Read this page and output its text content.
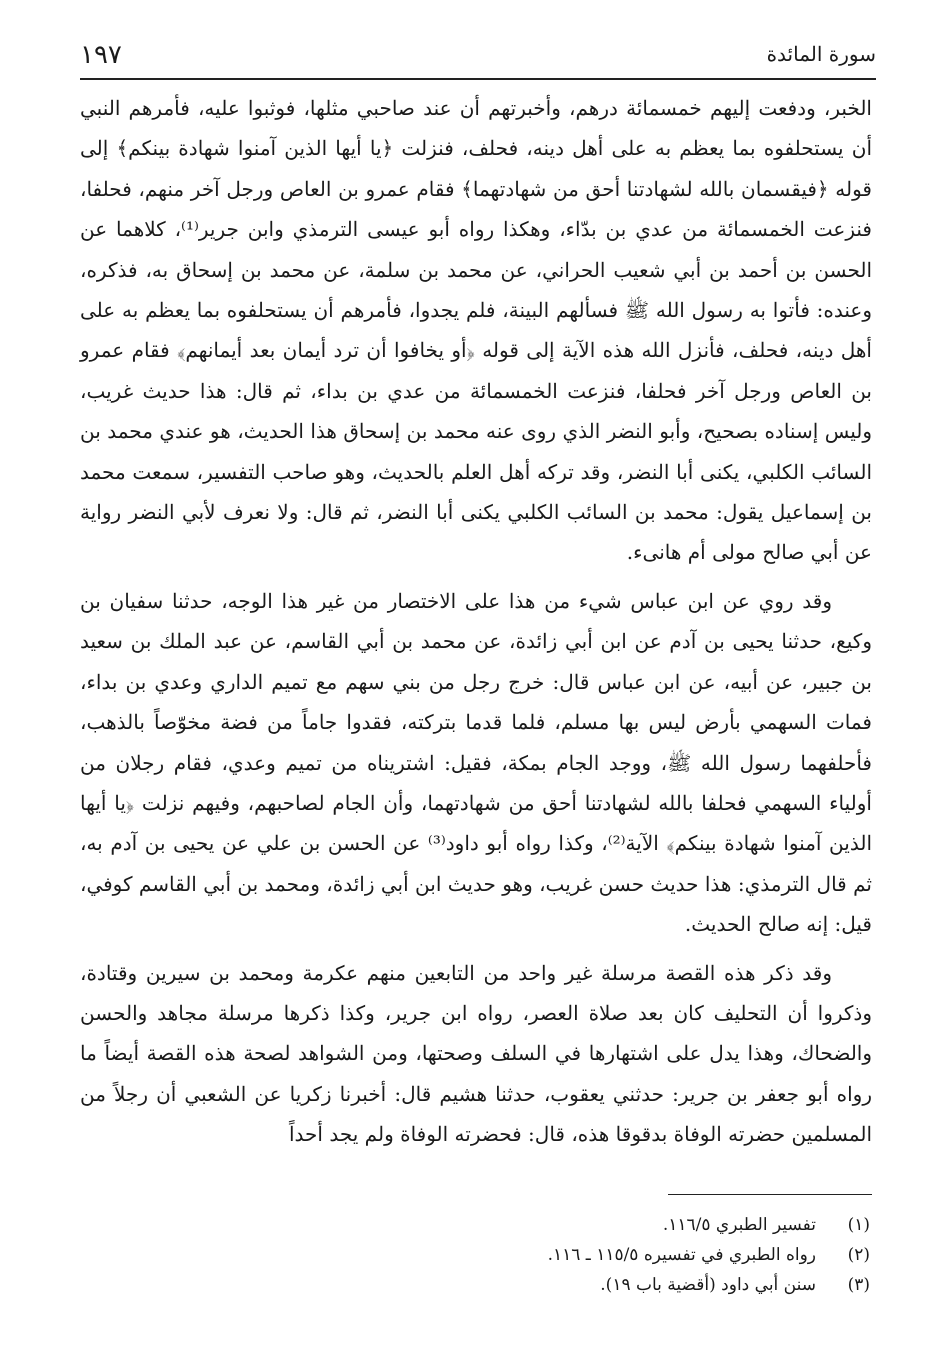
سورة المائدة
١٩٧

الخبر، ودفعت إليهم خمسمائة درهم، وأخبرتهم أن عند صاحبي مثلها، فوثبوا عليه، فأمرهم النبي أن يستحلفوه بما يعظم به على أهل دينه، فحلف، فنزلت ﴿يا أيها الذين آمنوا شهادة بينكم﴾ إلى قوله ﴿فيقسمان بالله لشهادتنا أحق من شهادتهما﴾ فقام عمرو بن العاص ورجل آخر منهم، فحلفا، فنزعت الخمسمائة من عدي بن بدّاء، وهكذا رواه أبو عيسى الترمذي وابن جرير⁽¹⁾، كلاهما عن الحسن بن أحمد بن أبي شعيب الحراني، عن محمد بن سلمة، عن محمد بن إسحاق به، فذكره، وعنده: فأتوا به رسول الله ﷺ فسألهم البينة، فلم يجدوا، فأمرهم أن يستحلفوه بما يعظم به على أهل دينه، فحلف، فأنزل الله هذه الآية إلى قوله ﴿أو يخافوا أن ترد أيمان بعد أيمانهم﴾ فقام عمرو بن العاص ورجل آخر فحلفا، فنزعت الخمسمائة من عدي بن بداء، ثم قال: هذا حديث غريب، وليس إسناده بصحيح، وأبو النضر الذي روى عنه محمد بن إسحاق هذا الحديث، هو عندي محمد بن السائب الكلبي، يكنى أبا النضر، وقد تركه أهل العلم بالحديث، وهو صاحب التفسير، سمعت محمد بن إسماعيل يقول: محمد بن السائب الكلبي يكنى أبا النضر، ثم قال: ولا نعرف لأبي النضر رواية عن أبي صالح مولى أم هانىء.

وقد روي عن ابن عباس شيء من هذا على الاختصار من غير هذا الوجه، حدثنا سفيان بن وكيع، حدثنا يحيى بن آدم عن ابن أبي زائدة، عن محمد بن أبي القاسم، عن عبد الملك بن سعيد بن جبير، عن أبيه، عن ابن عباس قال: خرج رجل من بني سهم مع تميم الداري وعدي بن بداء، فمات السهمي بأرض ليس بها مسلم، فلما قدما بتركته، فقدوا جاماً من فضة مخوّصاً بالذهب، فأحلفهما رسول الله ﷺ، ووجد الجام بمكة، فقيل: اشتريناه من تميم وعدي، فقام رجلان من أولياء السهمي فحلفا بالله لشهادتنا أحق من شهادتهما، وأن الجام لصاحبهم، وفيهم نزلت ﴿يا أيها الذين آمنوا شهادة بينكم﴾ الآية⁽²⁾، وكذا رواه أبو داود⁽³⁾ عن الحسن بن علي عن يحيى بن آدم به، ثم قال الترمذي: هذا حديث حسن غريب، وهو حديث ابن أبي زائدة، ومحمد بن أبي القاسم كوفي، قيل: إنه صالح الحديث.

وقد ذكر هذه القصة مرسلة غير واحد من التابعين منهم عكرمة ومحمد بن سيرين وقتادة، وذكروا أن التحليف كان بعد صلاة العصر، رواه ابن جرير، وكذا ذكرها مرسلة مجاهد والحسن والضحاك، وهذا يدل على اشتهارها في السلف وصحتها، ومن الشواهد لصحة هذه القصة أيضاً ما رواه أبو جعفر بن جرير: حدثني يعقوب، حدثنا هشيم قال: أخبرنا زكريا عن الشعبي أن رجلاً من المسلمين حضرته الوفاة بدقوقا هذه، قال: فحضرته الوفاة ولم يجد أحداً

(١)
تفسير الطبري ١١٦/٥.
(٢)
رواه الطبري في تفسيره ١١٥/٥ ـ ١١٦.
(٣)
سنن أبي داود (أقضية باب ١٩).
